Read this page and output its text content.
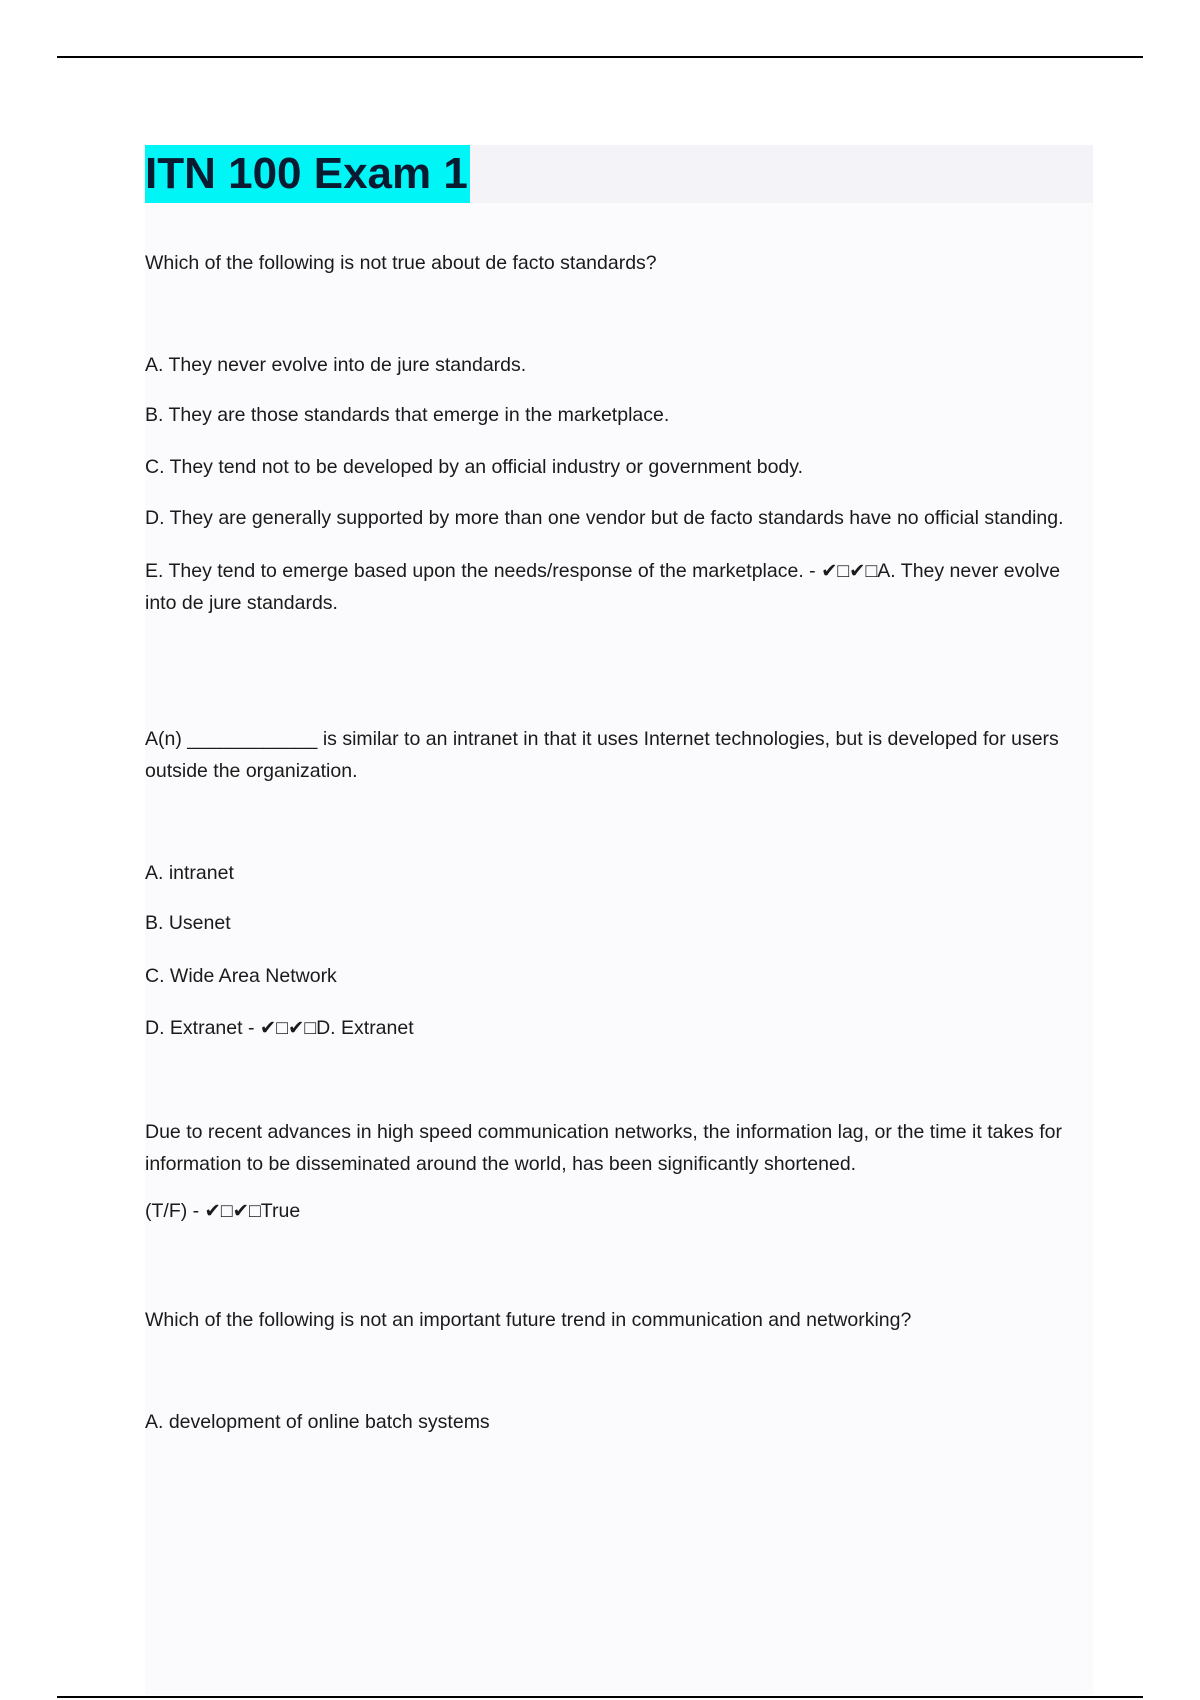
ITN 100 Exam 1

Which of the following is not true about de facto standards?

A. They never evolve into de jure standards.

B. They are those standards that emerge in the marketplace.

C. They tend not to be developed by an official industry or government body.

D. They are generally supported by more than one vendor but de facto standards have no official standing.

E. They tend to emerge based upon the needs/response of the marketplace. - ✔□✔□A. They never evolve into de jure standards.

A(n) ____________ is similar to an intranet in that it uses Internet technologies, but is developed for users outside the organization.

A. intranet

B. Usenet

C. Wide Area Network

D. Extranet - ✔□✔□D. Extranet

Due to recent advances in high speed communication networks, the information lag, or the time it takes for information to be disseminated around the world, has been significantly shortened.

(T/F) - ✔□✔□True

Which of the following is not an important future trend in communication and networking?

A. development of online batch systems
